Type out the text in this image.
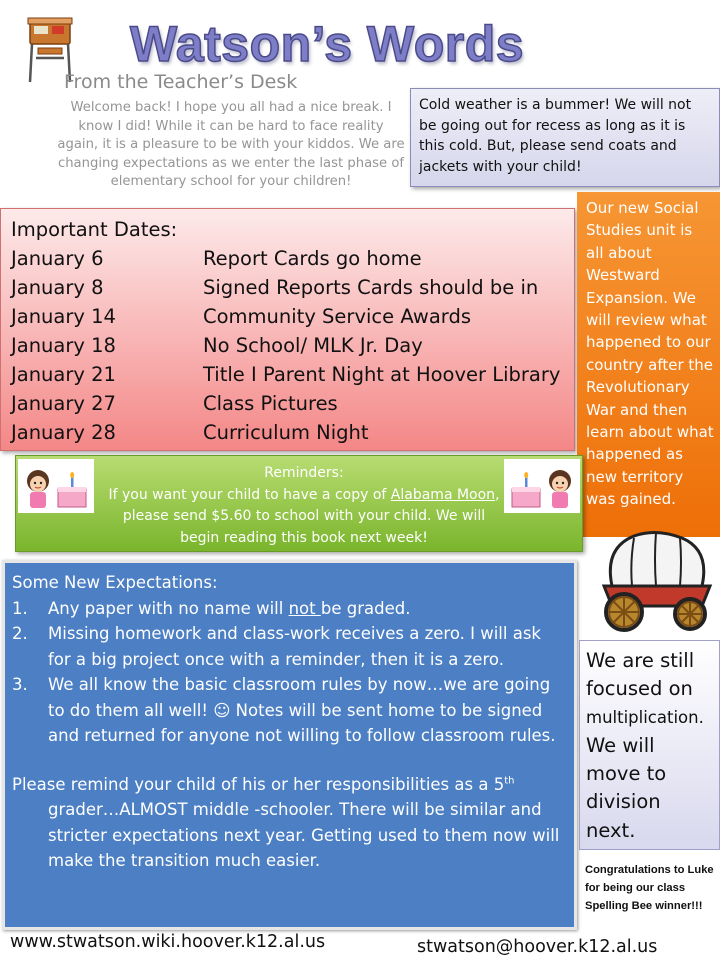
Watson’s Words
From the Teacher’s Desk
Welcome back! I hope you all had a nice break. I know I did! While it can be hard to face reality again, it is a pleasure to be with your kiddos. We are changing expectations as we enter the last phase of elementary school for your children!
Cold weather is a bummer! We will not be going out for recess as long as it is this cold. But, please send coats and jackets with your child!
Important Dates:
January 6	Report Cards go home
January 8	Signed Reports Cards should be in
January 14	Community Service Awards
January 18	No School/ MLK Jr. Day
January 21	Title I Parent Night at Hoover Library
January 27	Class Pictures
January 28	Curriculum Night
Our new Social Studies unit is all about Westward Expansion. We will review what happened to our country after the Revolutionary War and then learn about what happened as new territory was gained.
Reminders:
If you want your child to have a copy of Alabama Moon, please send $5.60 to school with your child. We will begin reading this book next week!
Some New Expectations:
1.	Any paper with no name will not be graded.
2.	Missing homework and class-work receives a zero. I will ask for a big project once with a reminder, then it is a zero.
3.	We all know the basic classroom rules by now…we are going to do them all well! ☺ Notes will be sent home to be signed and returned for anyone not willing to follow classroom rules.
Please remind your child of his or her responsibilities as a 5th grader…ALMOST middle -schooler. There will be similar and stricter expectations next year. Getting used to them now will make the transition much easier.
We are still focused on
multiplication.
We will move to division next.
Congratulations to Luke for being our class Spelling Bee winner!!!
www.stwatson.wiki.hoover.k12.al.us	stwatson@hoover.k12.al.us
